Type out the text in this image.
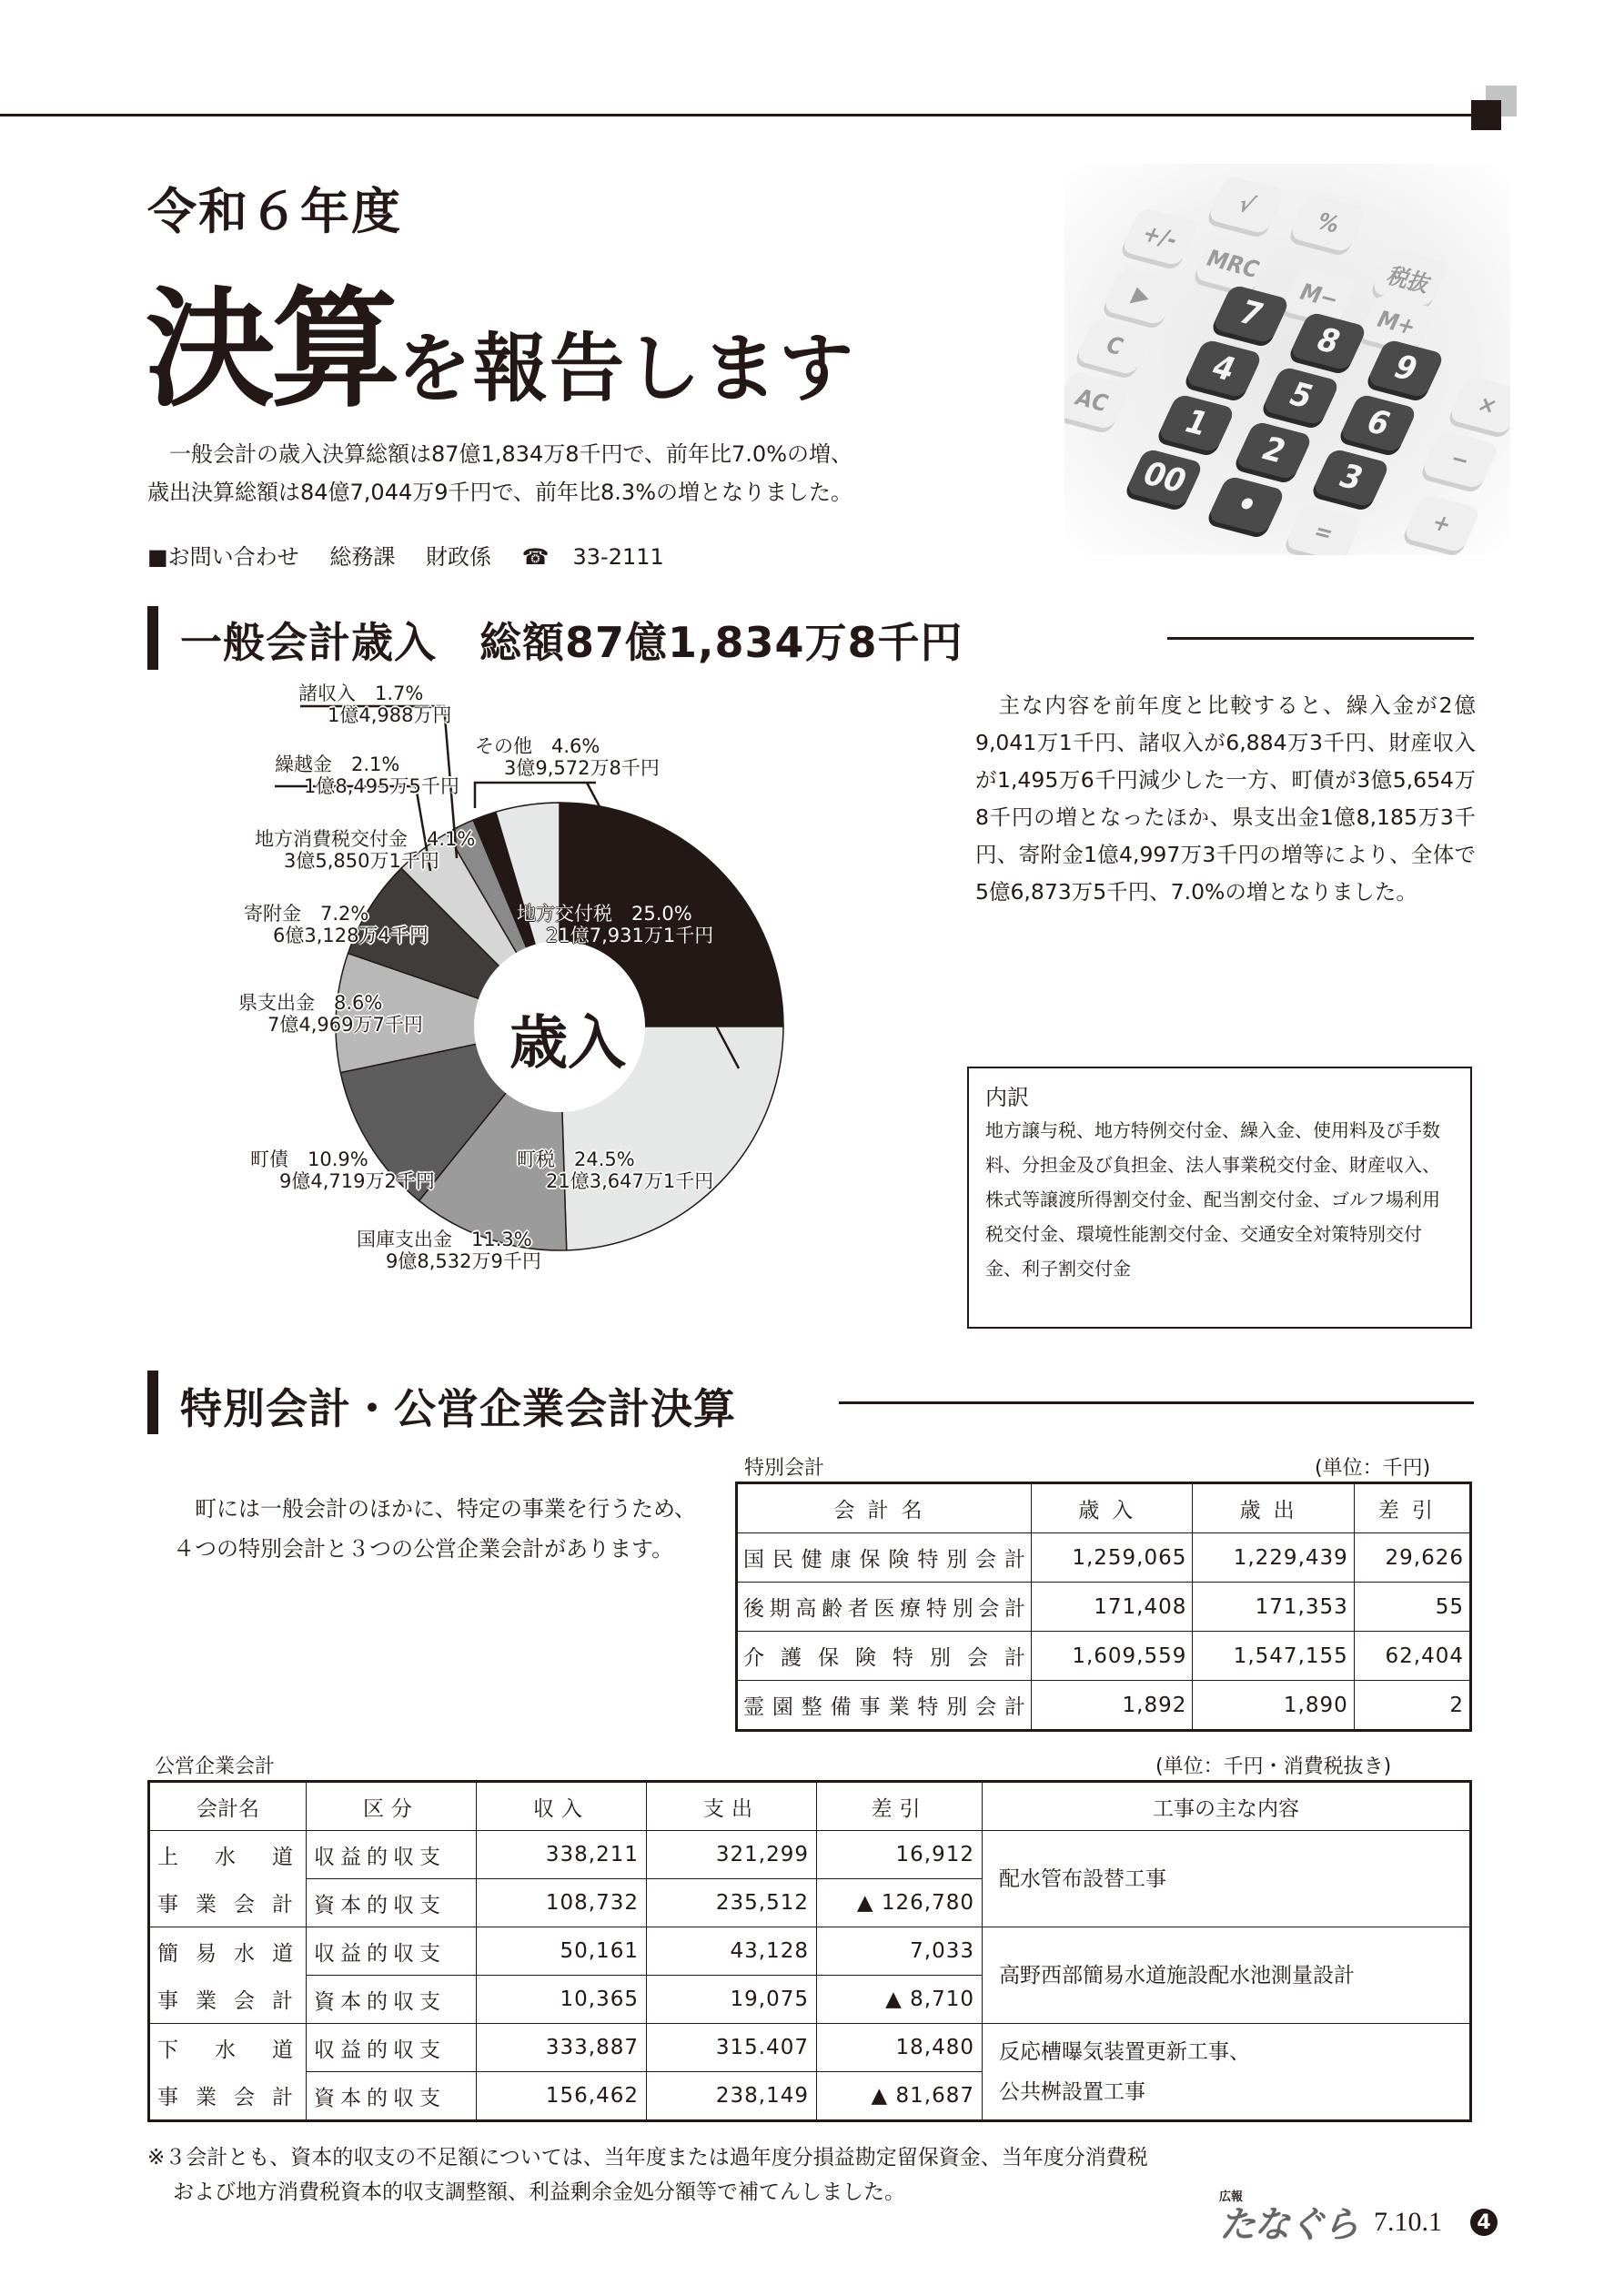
令和６年度
決算を報告します
　一般会計の歳入決算総額は87億1,834万8千円で、前年比7.0%の増、
歳出決算総額は84億7,044万9千円で、前年比8.3%の増となりました。
■お問い合わせ 総務課 財政係 ☎ 33-2111
+/-
√
%
MRC	税抜
▶	M−
M+
C
7
8
9
AC
4
5
6
1
2
3
00
•
=	+
×
−
一般会計歳入　総額87億1,834万8千円
地方交付税　 25.0%
21億7,931万1千円
町税　 24.5%
21億3,647万1千円
国庫支出金　 11.3%
9億8,532万9千円
町債　 10.9%
9億4,719万2千円
県支出金　 8.6%
7億4,969万7千円
寄附金　 7.2%
6億3,128万4千円
地方消費税交付金　 4.1%
3億5,850万1千円
繰越金　 2.1%
1億8,495万5千円
諸収入　 1.7%
1億4,988万円
その他　 4.6%
3億9,572万8千円
歳入
　主な内容を前年度と比較すると、繰入金が2億9,041万1千円、諸収入が6,884万3千円、財産収入が1,495万6千円減少した一方、町債が3億5,654万8千円の増となったほか、県支出金1億8,185万3千円、寄附金1億4,997万3千円の増等により、全体で5億6,873万5千円、7.0%の増となりました。
内訳
地方譲与税、地方特例交付金、繰入金、使用料及び手数料、分担金及び負担金、法人事業税交付金、財産収入、株式等譲渡所得割交付金、配当割交付金、ゴルフ場利用税交付金、環境性能割交付金、交通安全対策特別交付金、利子割交付金
特別会計・公営企業会計決算
　町には一般会計のほかに、特定の事業を行うため、４つの特別会計と３つの公営企業会計があります。
特別会計	(単位：千円)
会計名	歳入	歳出	差引
国民健康保険特別会計	1,259,065	1,229,439	29,626
後期高齢者医療特別会計	171,408	171,353	55
介護保険特別会計	1,609,559	1,547,155	62,404
霊園整備事業特別会計	1,892	1,890	2
公営企業会計	(単位：千円・消費税抜き)
会計名	区分	収入	支出	差引	工事の主な内容
上水道	収益的収支	338,211	321,299	16,912	配水管布設替工事

事業会計	資本的収支	108,732	235,512	▲ 126,780	
簡易水道	収益的収支	50,161	43,128	7,033	高野西部簡易水道施設配水池測量設計

事業会計	資本的収支	10,365	19,075	▲ 8,710	
下水道	収益的収支	333,887	315.407	18,480	反応槽曝気装置更新工事、
公共桝設置工事

事業会計	資本的収支	156,462	238,149	▲ 81,687	
※３会計とも、資本的収支の不足額については、当年度または過年度分損益勘定留保資金、当年度分消費税
および地方消費税資本的収支調整額、利益剰余金処分額等で補てんしました。	広報
たなぐら 7.10.1	4
